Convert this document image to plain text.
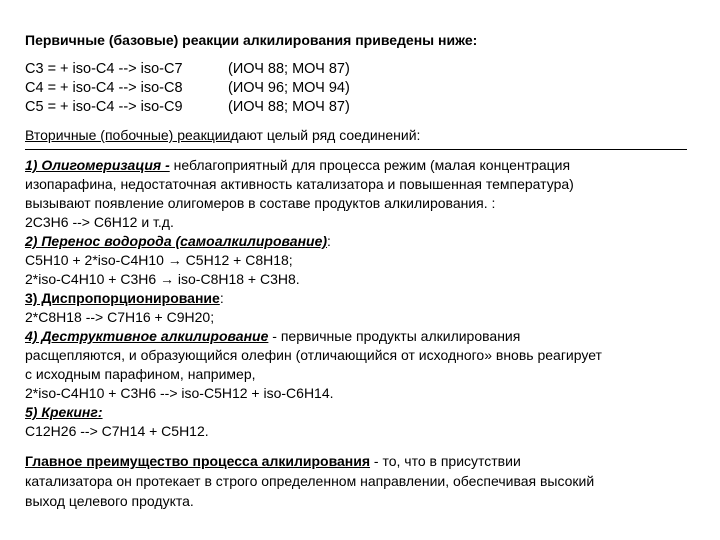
Первичные (базовые) реакции алкилирования приведены ниже:
C3 = + iso-C4 --> iso-C7	(ИОЧ 88; МОЧ 87)
C4 = + iso-C4 --> iso-C8	(ИОЧ 96; МОЧ 94)
C5 = + iso-C4 --> iso-C9	(ИОЧ 88; МОЧ 87)
Вторичные (побочные) реакциидают целый ряд соединений:
1) Олигомеризация - неблагоприятный для процесса режим (малая концентрация
изопарафина, недостаточная активность катализатора и повышенная температура)
вызывают появление олигомеров в составе продуктов алкилирования. :
2C3H6 --> C6H12 и т.д.
2) Перенос водорода (самоалкилирование):
C5H10 + 2*iso-C4H10 → C5H12 + C8H18;
2*iso-C4H10 + C3H6 → iso-C8H18 + C3H8.
3) Диспропорционирование:
2*C8H18 --> C7H16 + C9H20;
4) Деструктивное алкилирование - первичные продукты алкилирования
расщепляются, и образующийся олефин (отличающийся от исходного» вновь реагирует
с исходным парафином, например,
2*iso-C4H10 + C3H6 --> iso-C5H12 + iso-C6H14.
5) Крекинг:
C12H26 --> C7H14 + C5H12.
Главное преимущество процесса алкилирования - то, что в присутствии
катализатора он протекает в строго определенном направлении, обеспечивая высокий
выход целевого продукта.
